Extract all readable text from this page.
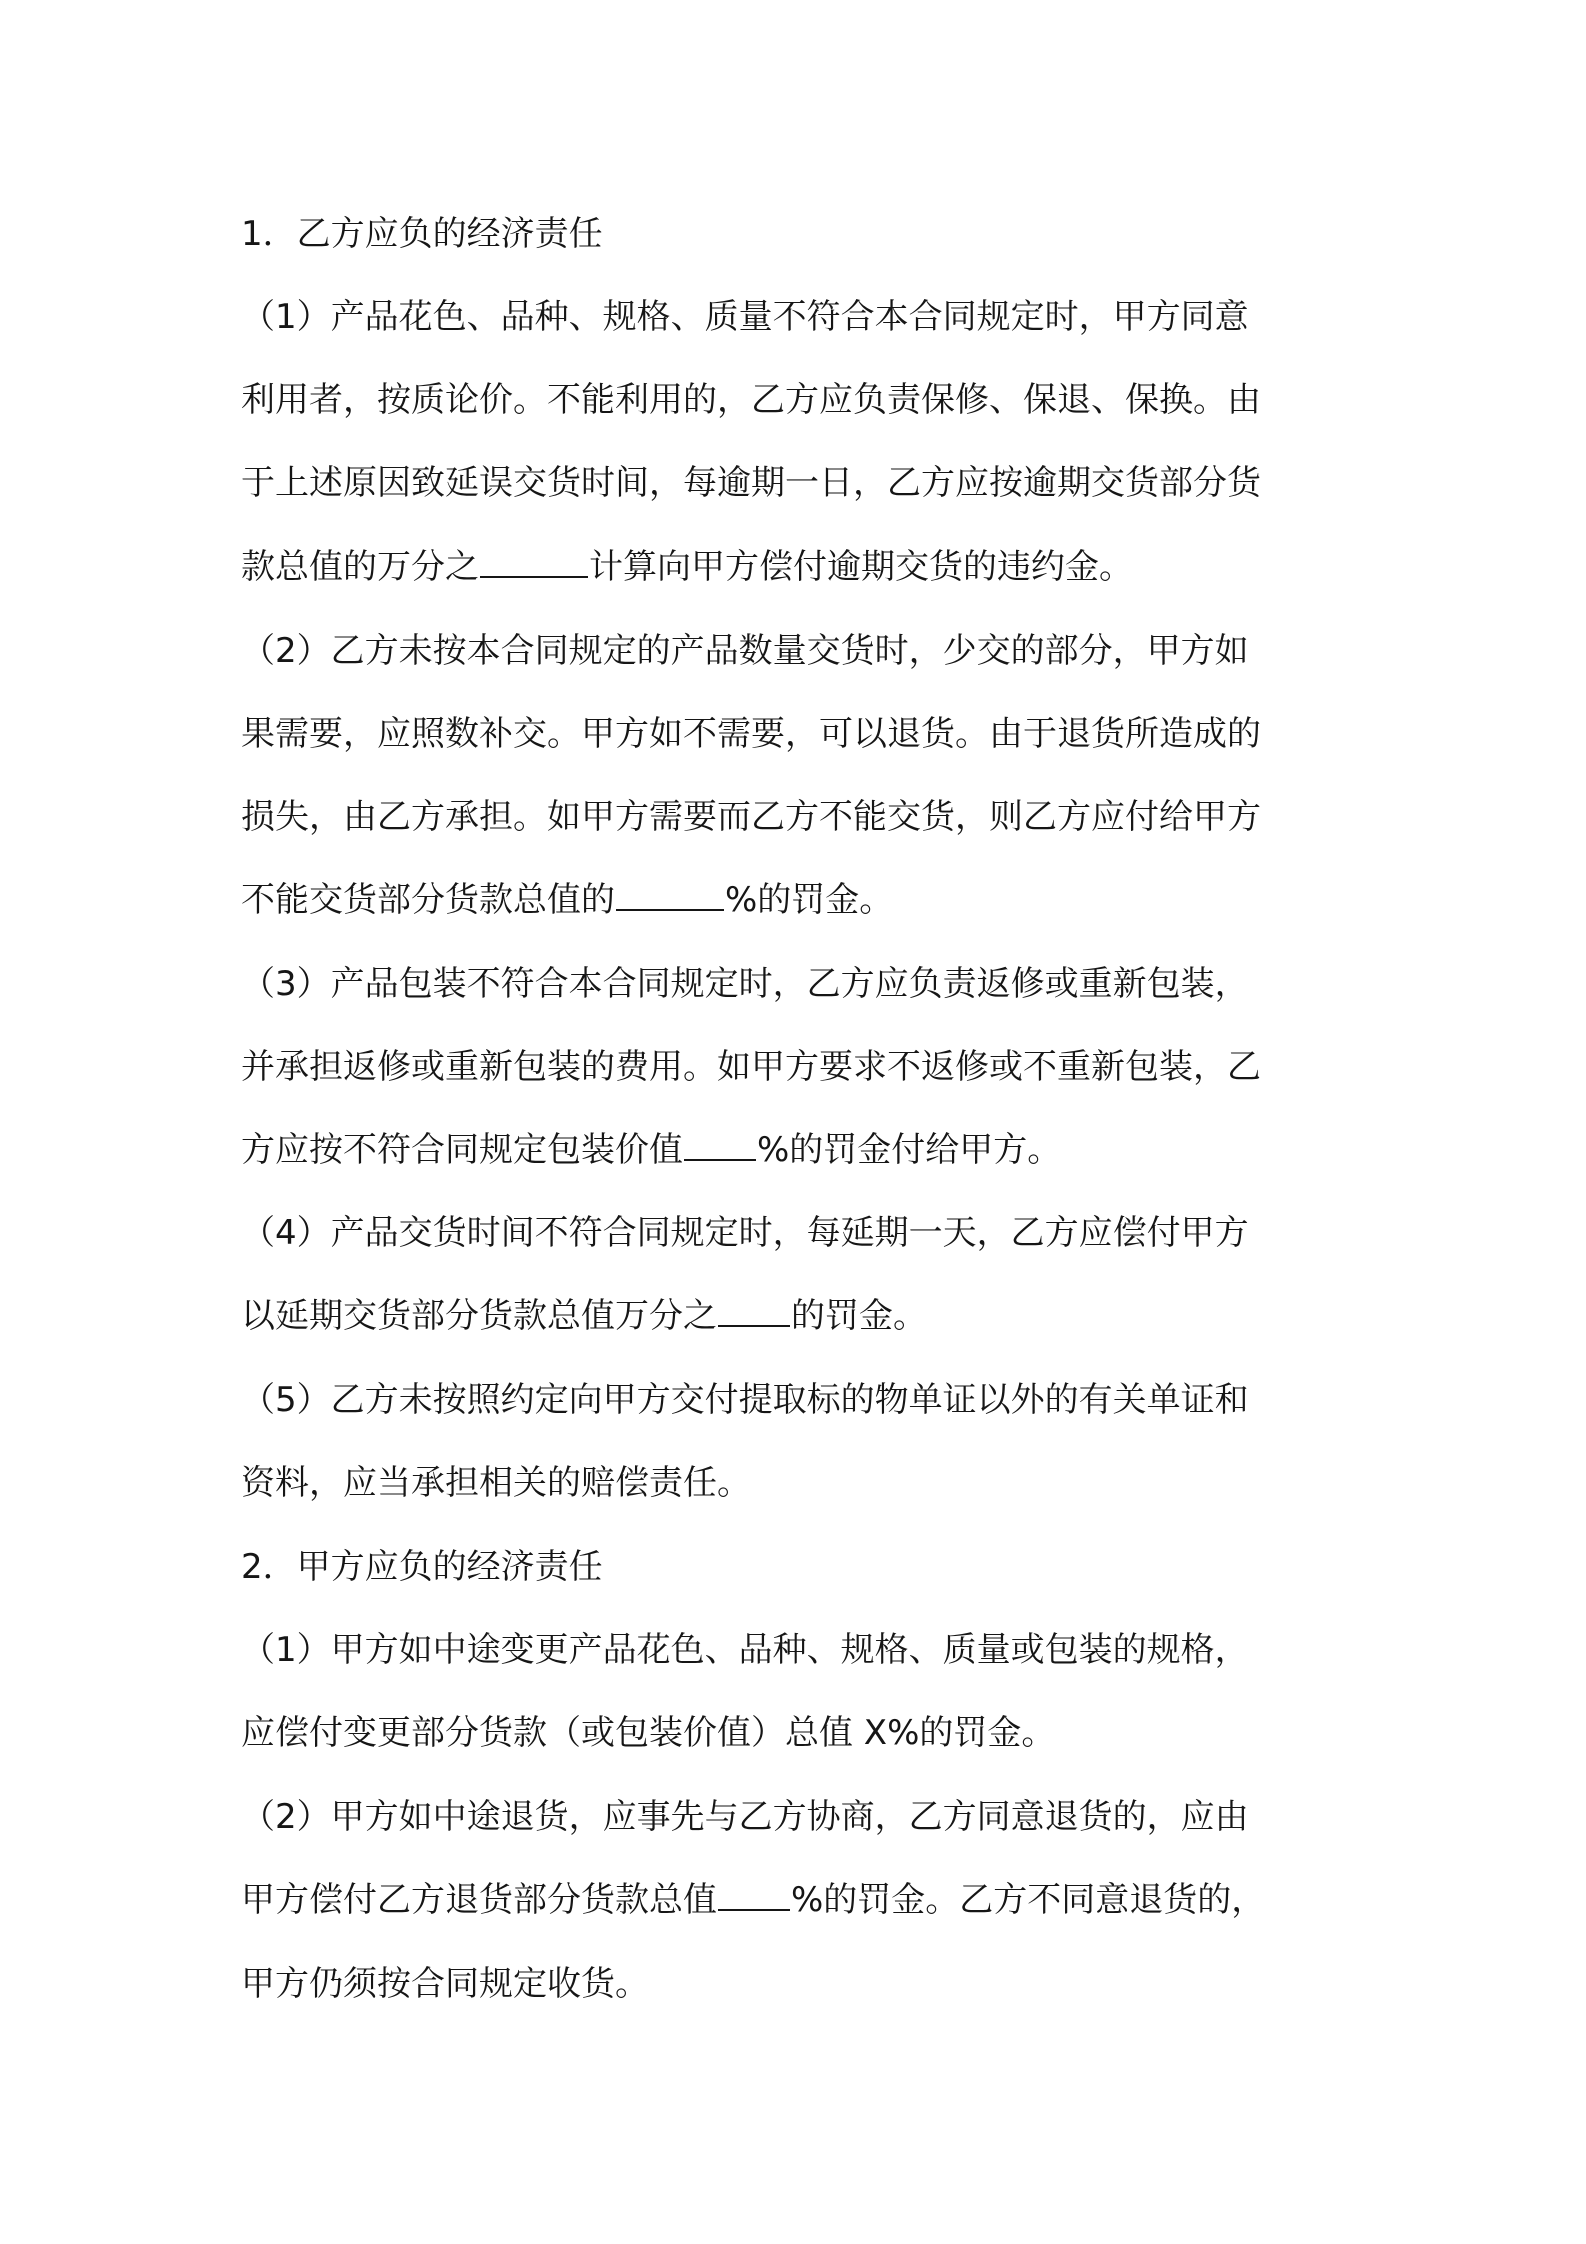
1．乙方应负的经济责任

（1）产品花色、品种、规格、质量不符合本合同规定时，甲方同意

利用者，按质论价。不能利用的，乙方应负责保修、保退、保换。由

于上述原因致延误交货时间，每逾期一日，乙方应按逾期交货部分货

款总值的万分之	计算向甲方偿付逾期交货的违约金。

（2）乙方未按本合同规定的产品数量交货时，少交的部分，甲方如

果需要，应照数补交。甲方如不需要，可以退货。由于退货所造成的

损失，由乙方承担。如甲方需要而乙方不能交货，则乙方应付给甲方

不能交货部分货款总值的	%的罚金。

（3）产品包装不符合本合同规定时，乙方应负责返修或重新包装，

并承担返修或重新包装的费用。如甲方要求不返修或不重新包装，乙

方应按不符合同规定包装价值 %的罚金付给甲方。

（4）产品交货时间不符合同规定时，每延期一天，乙方应偿付甲方

以延期交货部分货款总值万分之 的罚金。

（5）乙方未按照约定向甲方交付提取标的物单证以外的有关单证和

资料，应当承担相关的赔偿责任。

2．甲方应负的经济责任

（1）甲方如中途变更产品花色、品种、规格、质量或包装的规格，

应偿付变更部分货款（或包装价值）总值 X%的罚金。

（2）甲方如中途退货，应事先与乙方协商，乙方同意退货的，应由

甲方偿付乙方退货部分货款总值 %的罚金。乙方不同意退货的，

甲方仍须按合同规定收货。
